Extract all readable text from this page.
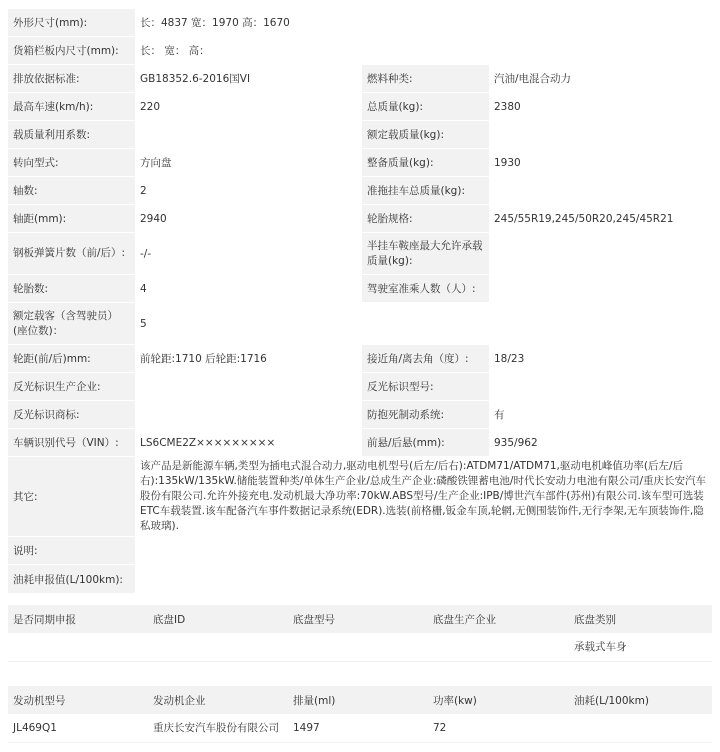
外形尺寸(mm):	长：4837 宽：1970 高：1670		
货箱栏板内尺寸(mm):	长： 宽： 高：		
排放依据标准:	GB18352.6-2016国VI	燃料种类:	汽油/电混合动力
最高车速(km/h):	220	总质量(kg):	2380
载质量利用系数:		额定载质量(kg):	
转向型式:	方向盘	整备质量(kg):	1930
轴数:	2	准拖挂车总质量(kg):	
轴距(mm):	2940	轮胎规格:	245/55R19,245/50R20,245/45R21
钢板弹簧片数（前/后）:	-/-	半挂车鞍座最大允许承载质量(kg):	
轮胎数:	4	驾驶室准乘人数（人）:	
额定载客（含驾驶员）(座位数)：	5		
轮距(前/后)mm:	前轮距:1710 后轮距:1716	接近角/离去角（度）:	18/23
反光标识生产企业:		反光标识型号:	
反光标识商标:		防抱死制动系统:	有
车辆识别代号（VIN）:	LS6CME2Z×××××××××	前悬/后悬(mm):	935/962
其它:	该产品是新能源车辆,类型为插电式混合动力,驱动电机型号(后左/后右):ATDM71/ATDM71,驱动电机峰值功率(后左/后右):135kW/135kW.储能装置种类/单体生产企业/总成生产企业:磷酸铁锂蓄电池/时代长安动力电池有限公司/重庆长安汽车股份有限公司.允许外接充电.发动机最大净功率:70kW.ABS型号/生产企业:IPB/博世汽车部件(苏州)有限公司.该车型可选装ETC车载装置.该车配备汽车事件数据记录系统(EDR).选装(前格栅,钣金车顶,轮辋,无侧围装饰件,无行李架,无车顶装饰件,隐私玻璃).		
说明:			
油耗申报值(L/100km):			
是否同期申报	底盘ID	底盘型号	底盘生产企业	底盘类别
				承载式车身
发动机型号	发动机企业	排量(ml)	功率(kw)	油耗(L/100km)
JL469Q1	重庆长安汽车股份有限公司	1497	72	
